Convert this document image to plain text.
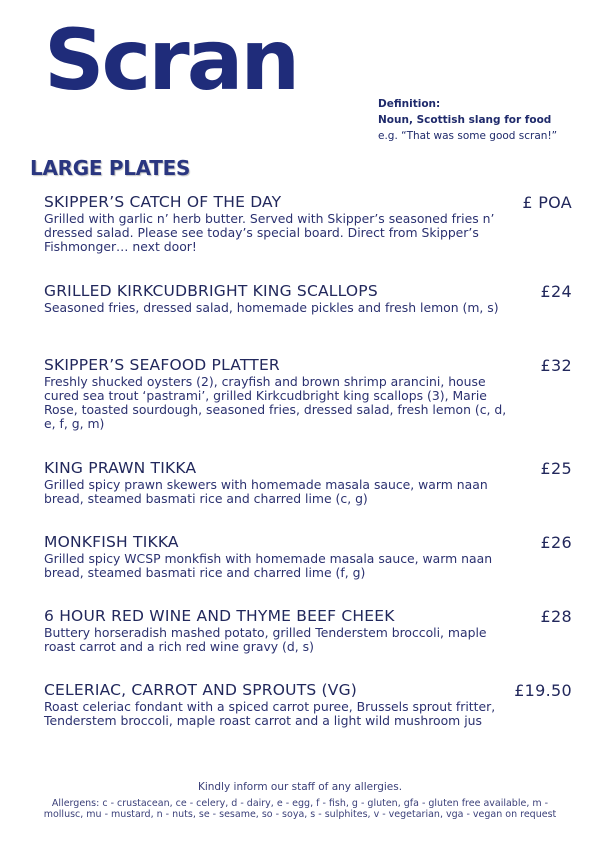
Scran	Definition:
Noun, Scottish slang for food
e.g. “That was some good scran!”
LARGE PLATES
SKIPPER’S CATCH OF THE DAY	£ POA
Grilled with garlic n’ herb butter. Served with Skipper’s seasoned fries n’ dressed salad. Please see today’s special board. Direct from Skipper’s Fishmonger… next door!
GRILLED KIRKCUDBRIGHT KING SCALLOPS	£24
Seasoned fries, dressed salad, homemade pickles and fresh lemon (m, s)
SKIPPER’S SEAFOOD PLATTER	£32
Freshly shucked oysters (2), crayfish and brown shrimp arancini, house cured sea trout ‘pastrami’, grilled Kirkcudbright king scallops (3), Marie Rose, toasted sourdough, seasoned fries, dressed salad, fresh lemon (c, d, e, f, g, m)
KING PRAWN TIKKA	£25
Grilled spicy prawn skewers with homemade masala sauce, warm naan bread, steamed basmati rice and charred lime (c, g)
MONKFISH TIKKA	£26
Grilled spicy WCSP monkfish with homemade masala sauce, warm naan bread, steamed basmati rice and charred lime (f, g)
6 HOUR RED WINE AND THYME BEEF CHEEK	£28
Buttery horseradish mashed potato, grilled Tenderstem broccoli, maple roast carrot and a rich red wine gravy (d, s)
CELERIAC, CARROT AND SPROUTS (VG)	£19.50
Roast celeriac fondant with a spiced carrot puree, Brussels sprout fritter, Tenderstem broccoli, maple roast carrot and a light wild mushroom jus
Kindly inform our staff of any allergies.
Allergens: c - crustacean, ce - celery, d - dairy, e - egg, f - fish, g - gluten, gfa - gluten free available, m - mollusc, mu - mustard, n - nuts, se - sesame, so - soya, s - sulphites, v - vegetarian, vga - vegan on request
